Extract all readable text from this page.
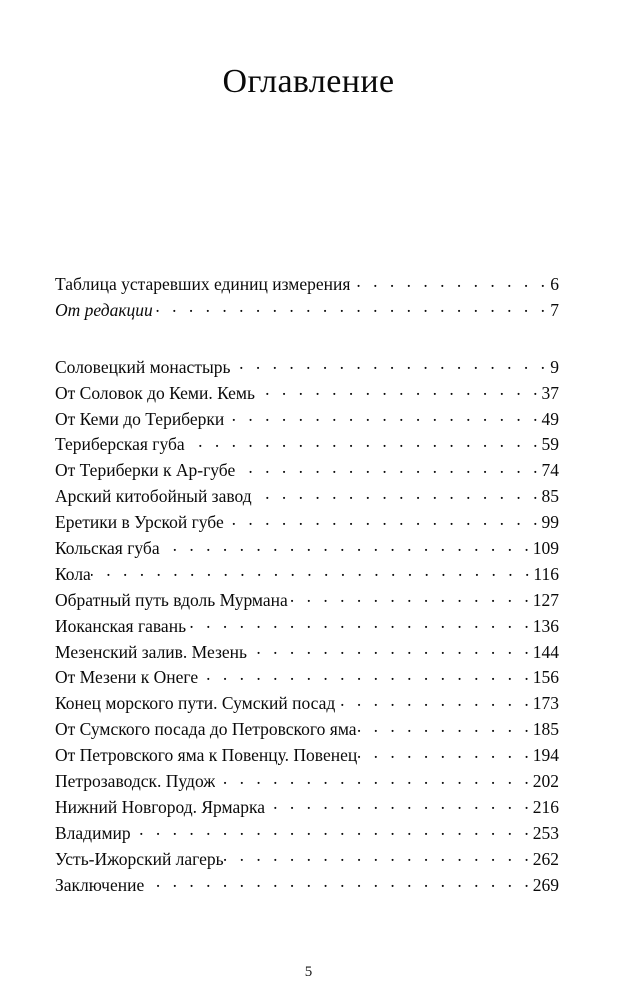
Оглавление
Таблица устаревших единиц измерения . . .	6
От редакции . . .	7
Соловецкий монастырь . . .	9
От Соловок до Кеми. Кемь . . .	37
От Кеми до Териберки . . .	49
Териберская губа . . .	59
От Териберки к Ар-губе . . .	74
Арский китобойный завод . . .	85
Еретики в Урской губе . . .	99
Кольская губа . . .	109
Кола . . .	116
Обратный путь вдоль Мурмана . . .	127
Иоканская гавань . . .	136
Мезенский залив. Мезень . . .	144
От Мезени к Онеге . . .	156
Конец морского пути. Сумский посад . . .	173
От Сумского посада до Петровского яма . . .	185
От Петровского яма к Повенцу. Повенец . . .	194
Петрозаводск. Пудож . . .	202
Нижний Новгород. Ярмарка . . .	216
Владимир . . .	253
Усть-Ижорский лагерь . . .	262
Заключение . . .	269
5
